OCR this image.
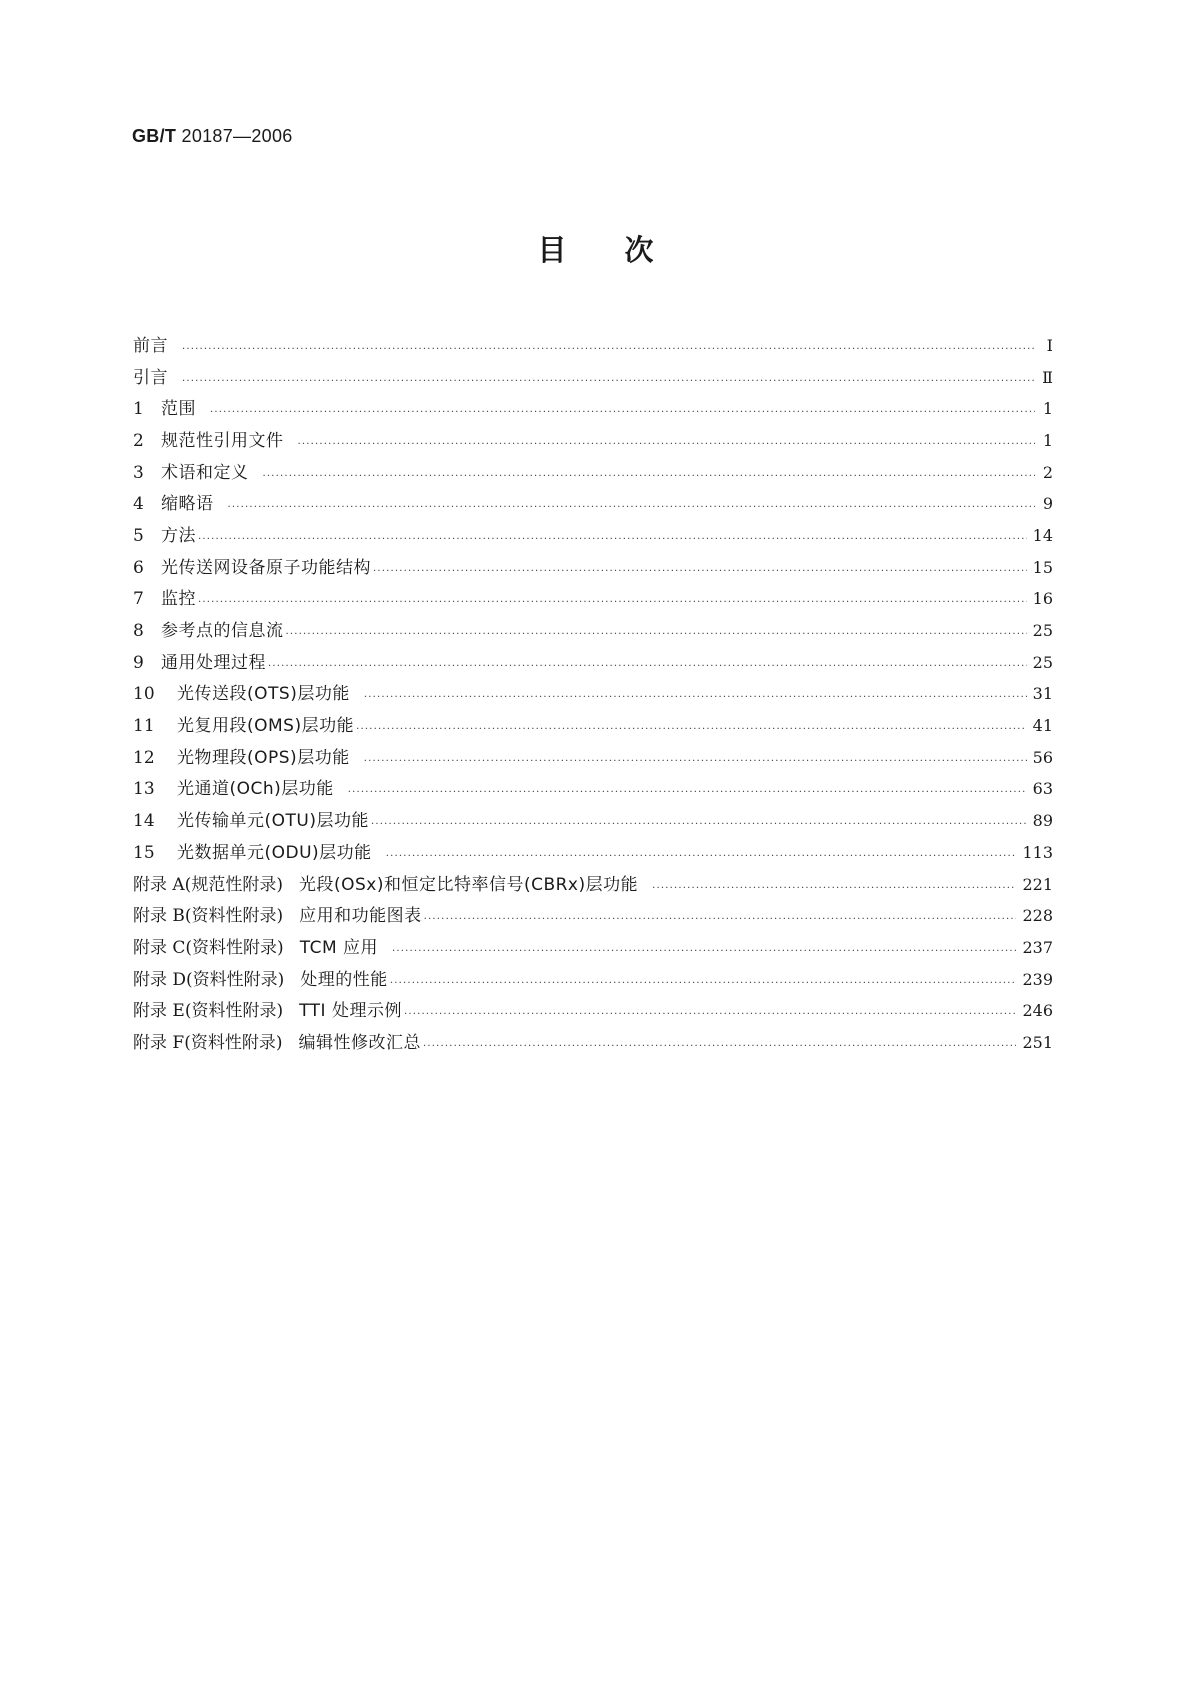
GB/T 20187—2006
目次
前言 .....	Ⅰ
引言 .....	Ⅱ
1	范围 .....	1
2	规范性引用文件 .....	1
3	术语和定义 .....	2
4	缩略语 .....	9
5	方法 .....	14
6	光传送网设备原子功能结构 .....	15
7	监控 .....	16
8	参考点的信息流 .....	25
9	通用处理过程 .....	25
10	光传送段(OTS)层功能 .....	31
11	光复用段(OMS)层功能 .....	41
12	光物理段(OPS)层功能 .....	56
13	光通道(OCh)层功能 .....	63
14	光传输单元(OTU)层功能 .....	89
15	光数据单元(ODU)层功能 .....	113
附录 A(规范性附录) 光段(OSx)和恒定比特率信号(CBRx)层功能 .....	221
附录 B(资料性附录) 应用和功能图表 .....	228
附录 C(资料性附录) TCM 应用 .....	237
附录 D(资料性附录) 处理的性能 .....	239
附录 E(资料性附录) TTI 处理示例 .....	246
附录 F(资料性附录) 编辑性修改汇总 .....	251
